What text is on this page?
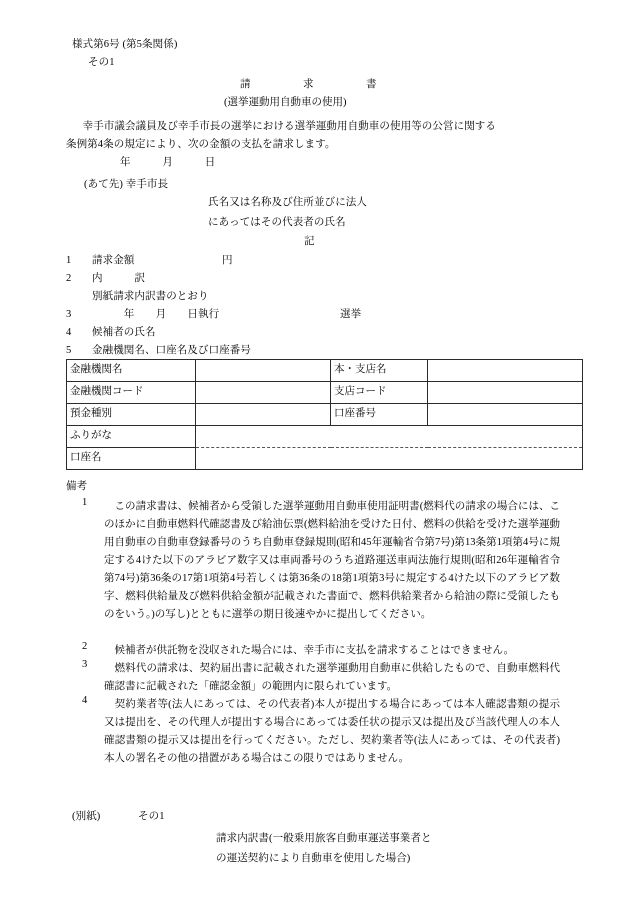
様式第6号 (第5条関係)
その1
請　　　　　求　　　　　書
(選挙運動用自動車の使用)
　幸手市議会議員及び幸手市長の選挙における選挙運動用自動車の使用等の公営に関する
条例第4条の規定により、次の金額の支払を請求します。
年　　　月　　　日
(あて先) 幸手市長
氏名又は名称及び住所並びに法人
にあってはその代表者の氏名
記
1 請求金額	円
2 内　　　訳
別紙請求内訳書のとおり
3 　　　年　　月　　日執行	選挙
4 候補者の氏名
5 金融機関名、口座名及び口座番号
金融機関名		本・支店名	
金融機関コード		支店コード	
預金種別		口座番号	
ふりがな			
口座名			
備考
1	　この請求書は、候補者から受領した選挙運動用自動車使用証明書(燃料代の請求の場合には、このほかに自動車燃料代確認書及び給油伝票(燃料給油を受けた日付、燃料の供給を受けた選挙運動用自動車の自動車登録番号のうち自動車登録規則(昭和45年運輸省令第7号)第13条第1項第4号に規定する4けた以下のアラビア数字又は車両番号のうち道路運送車両法施行規則(昭和26年運輸省令第74号)第36条の17第1項第4号若しくは第36条の18第1項第3号に規定する4けた以下のアラビア数字、燃料供給量及び燃料供給金額が記載された書面で、燃料供給業者から給油の際に受領したものをいう。)の写し)とともに選挙の期日後速やかに提出してください。
2	　候補者が供託物を没収された場合には、幸手市に支払を請求することはできません。
3	　燃料代の請求は、契約届出書に記載された選挙運動用自動車に供給したもので、自動車燃料代確認書に記載された「確認金額」の範囲内に限られています。
4	　契約業者等(法人にあっては、その代表者)本人が提出する場合にあっては本人確認書類の提示又は提出を、その代理人が提出する場合にあっては委任状の提示又は提出及び当該代理人の本人確認書類の提示又は提出を行ってください。ただし、契約業者等(法人にあっては、その代表者)本人の署名その他の措置がある場合はこの限りではありません。
(別紙)	その1
請求内訳書(一般乗用旅客自動車運送事業者と
の運送契約により自動車を使用した場合)
